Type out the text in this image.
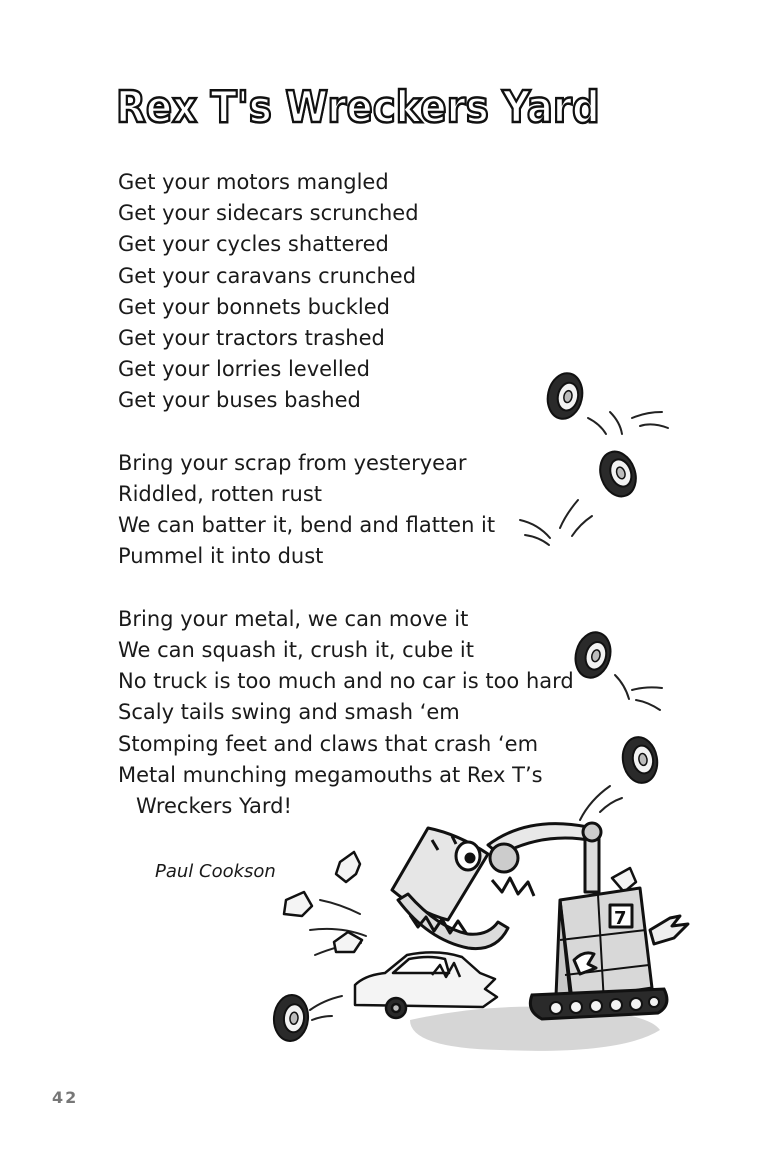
Rex T's Wreckers Yard
Get your motors mangled
Get your sidecars scrunched
Get your cycles shattered
Get your caravans crunched
Get your bonnets buckled
Get your tractors trashed
Get your lorries levelled
Get your buses bashed
Bring your scrap from yesteryear
Riddled, rotten rust
We can batter it, bend and flatten it
Pummel it into dust
Bring your metal, we can move it
We can squash it, crush it, cube it
No truck is too much and no car is too hard
Scaly tails swing and smash ‘em
Stomping feet and claws that crash ‘em
Metal munching megamouths at Rex T’s
Wreckers Yard!
Paul Cookson
7
42
